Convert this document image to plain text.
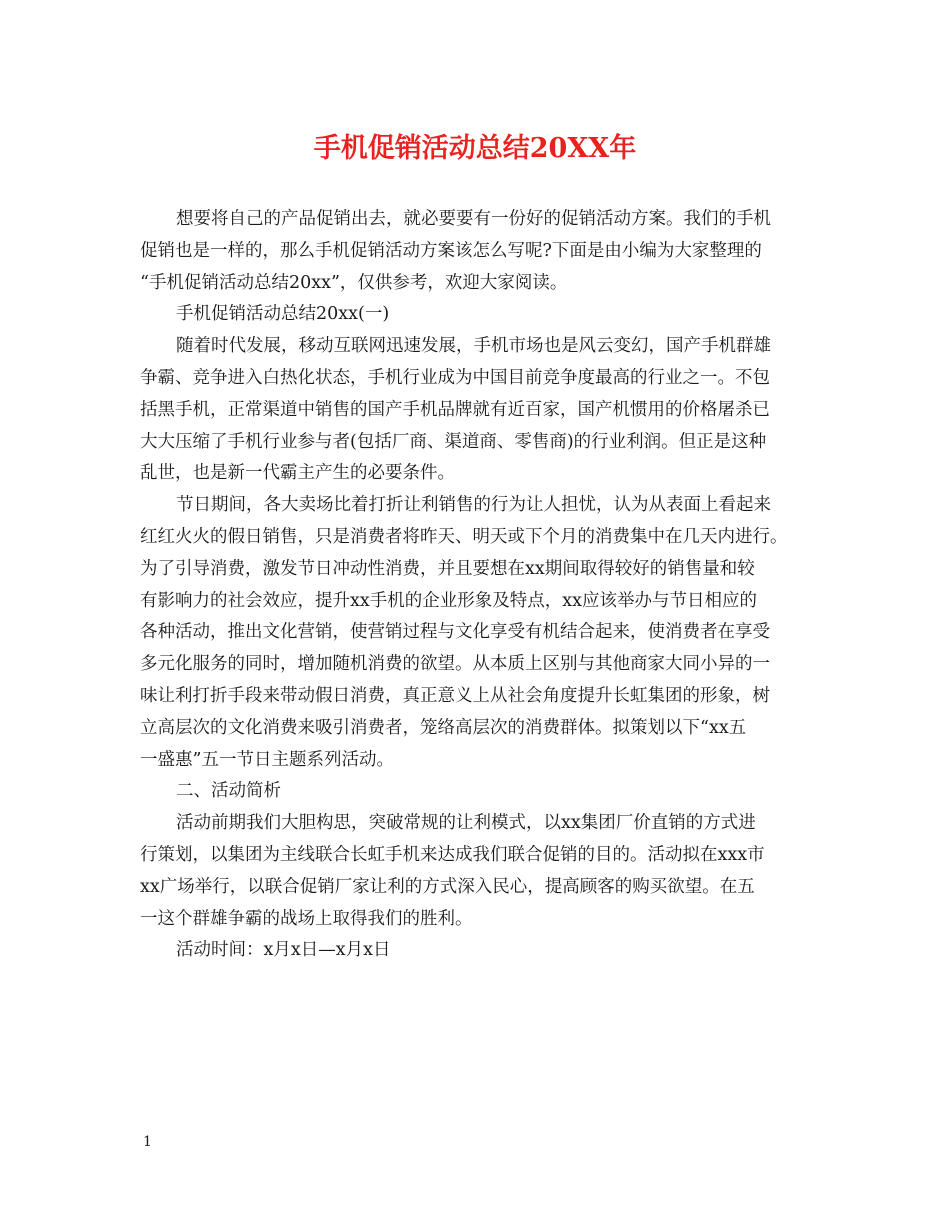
手机促销活动总结20XX年
想要将自己的产品促销出去，就必要要有一份好的促销活动方案。我们的手机
促销也是一样的，那么手机促销活动方案该怎么写呢?下面是由小编为大家整理的
“手机促销活动总结20xx”，仅供参考，欢迎大家阅读。
手机促销活动总结20xx(一)
随着时代发展，移动互联网迅速发展，手机市场也是风云变幻，国产手机群雄
争霸、竞争进入白热化状态，手机行业成为中国目前竞争度最高的行业之一。不包
括黑手机，正常渠道中销售的国产手机品牌就有近百家，国产机惯用的价格屠杀已
大大压缩了手机行业参与者(包括厂商、渠道商、零售商)的行业利润。但正是这种
乱世，也是新一代霸主产生的必要条件。
节日期间，各大卖场比着打折让利销售的行为让人担忧，认为从表面上看起来
红红火火的假日销售，只是消费者将昨天、明天或下个月的消费集中在几天内进行。
为了引导消费，激发节日冲动性消费，并且要想在xx期间取得较好的销售量和较
有影响力的社会效应，提升xx手机的企业形象及特点，xx应该举办与节日相应的
各种活动，推出文化营销，使营销过程与文化享受有机结合起来，使消费者在享受
多元化服务的同时，增加随机消费的欲望。从本质上区别与其他商家大同小异的一
味让利打折手段来带动假日消费，真正意义上从社会角度提升长虹集团的形象，树
立高层次的文化消费来吸引消费者，笼络高层次的消费群体。拟策划以下“xx五
一盛惠”五一节日主题系列活动。
二、活动简析
活动前期我们大胆构思，突破常规的让利模式，以xx集团厂价直销的方式进
行策划，以集团为主线联合长虹手机来达成我们联合促销的目的。活动拟在xxx市
xx广场举行，以联合促销厂家让利的方式深入民心，提高顾客的购买欲望。在五
一这个群雄争霸的战场上取得我们的胜利。
活动时间：x月x日—x月x日
1
